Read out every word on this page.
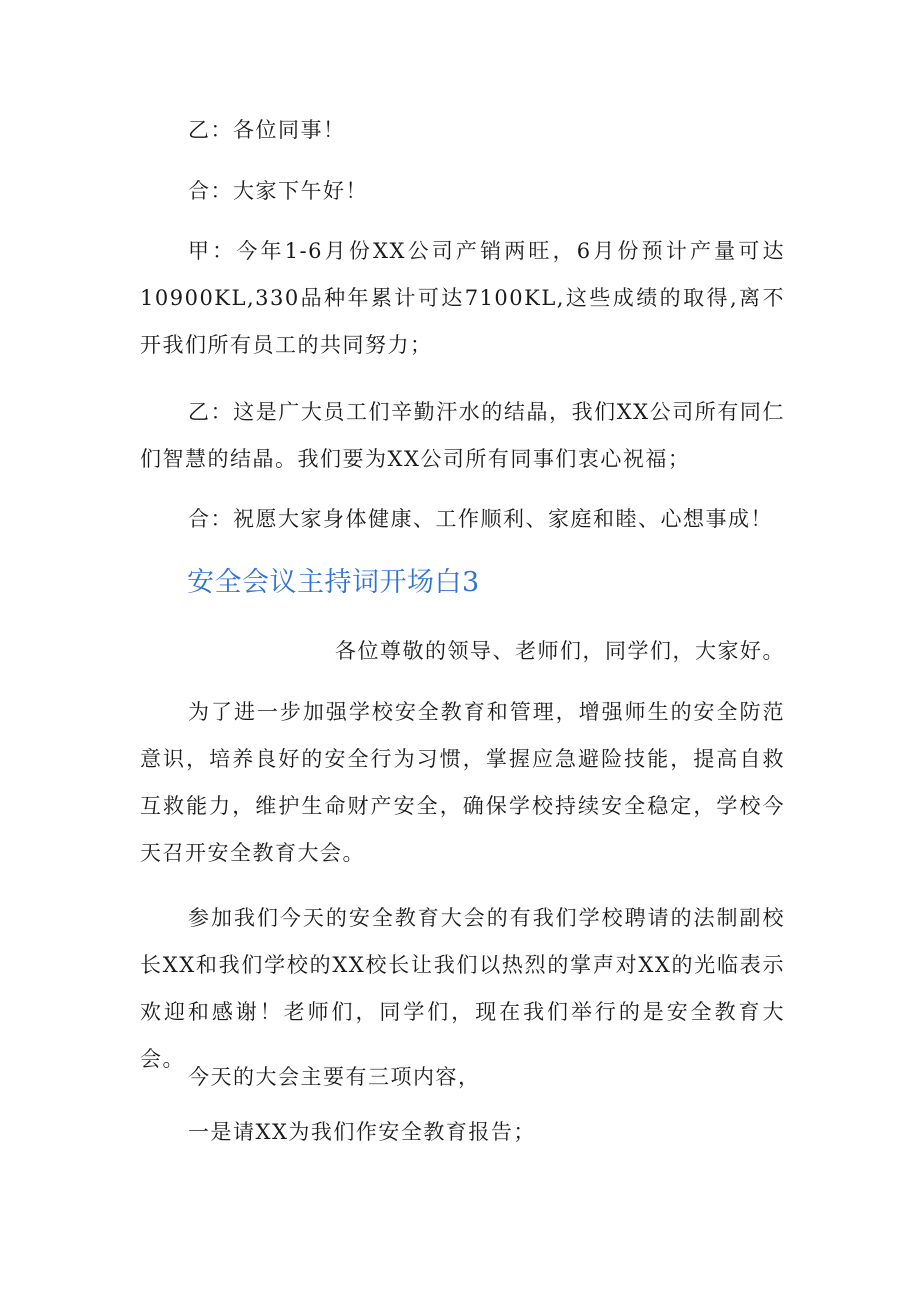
乙：各位同事！

合：大家下午好！

甲：今年1-6月份XX公司产销两旺，6月份预计产量可达10900KL,330品种年累计可达7100KL,这些成绩的取得,离不开我们所有员工的共同努力；

乙：这是广大员工们辛勤汗水的结晶，我们XX公司所有同仁们智慧的结晶。我们要为XX公司所有同事们衷心祝福；

合：祝愿大家身体健康、工作顺利、家庭和睦、心想事成！

安全会议主持词开场白3

各位尊敬的领导、老师们，同学们，大家好。

为了进一步加强学校安全教育和管理，增强师生的安全防范意识，培养良好的安全行为习惯，掌握应急避险技能，提高自救互救能力，维护生命财产安全，确保学校持续安全稳定，学校今天召开安全教育大会。

参加我们今天的安全教育大会的有我们学校聘请的法制副校长XX和我们学校的XX校长让我们以热烈的掌声对XX的光临表示欢迎和感谢！老师们，同学们，现在我们举行的是安全教育大会。

今天的大会主要有三项内容，

一是请XX为我们作安全教育报告；
